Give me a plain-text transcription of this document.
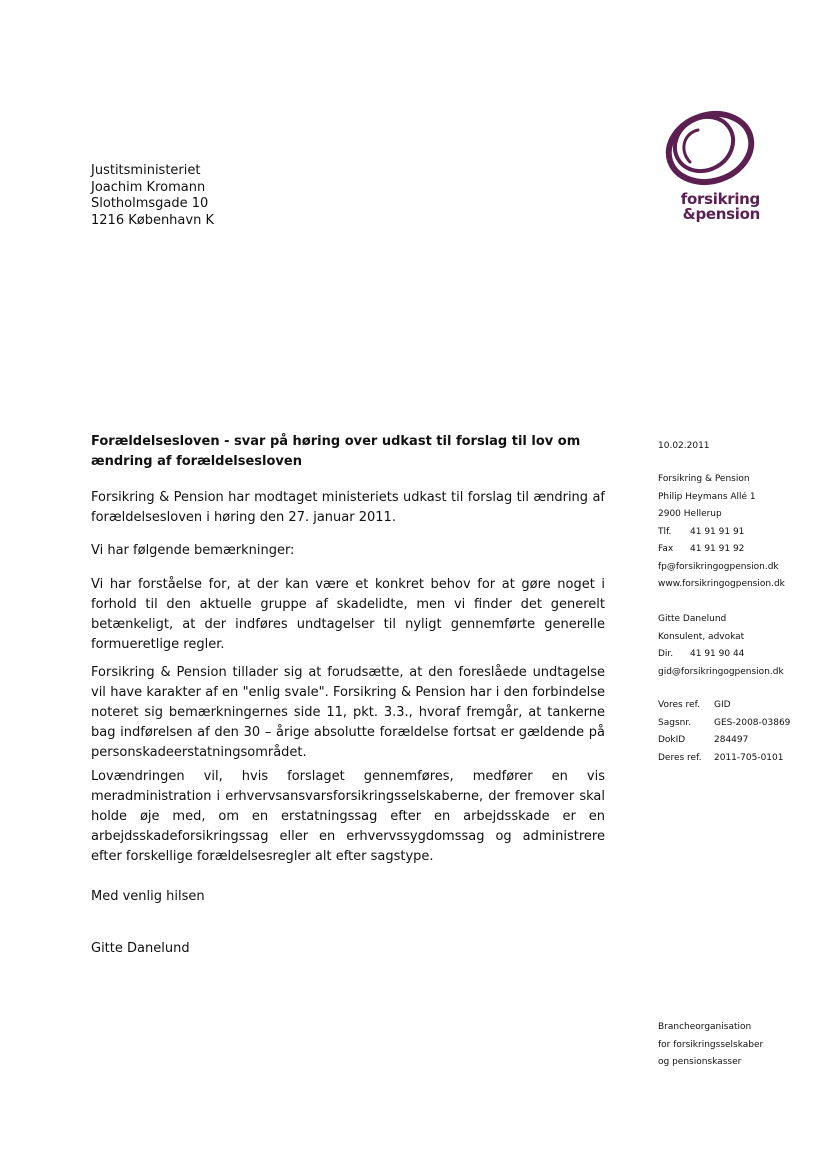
Justitsministeriet
Joachim Kromann
Slotholmsgade 10
1216 København K
forsikring
&pension
Forældelsesloven - svar på høring over udkast til forslag til lov om ændring af forældelsesloven
Forsikring & Pension har modtaget ministeriets udkast til forslag til ændring af forældelsesloven i høring den 27. januar 2011.
Vi har følgende bemærkninger:
Vi har forståelse for, at der kan være et konkret behov for at gøre noget i forhold til den aktuelle gruppe af skadelidte, men vi finder det generelt betænkeligt, at der indføres undtagelser til nyligt gennemførte generelle formueretlige regler.
Forsikring & Pension tillader sig at forudsætte, at den foreslåede undtagelse vil have karakter af en "enlig svale". Forsikring & Pension har i den forbindelse noteret sig bemærkningernes side 11, pkt. 3.3., hvoraf fremgår, at tankerne bag indførelsen af den 30 – årige absolutte forældelse fortsat er gældende på personskadeerstatningsområdet.
Lovændringen vil, hvis forslaget gennemføres, medfører en vis meradministration i erhvervsansvarsforsikringsselskaberne, der fremover skal holde øje med, om en erstatningssag efter en arbejdsskade er en arbejdsskadeforsikringssag eller en erhvervssygdomssag og administrere efter forskellige forældelsesregler alt efter sagstype.
Med venlig hilsen
Gitte Danelund
10.02.2011
Forsikring & Pension
Philip Heymans Allé 1
2900 Hellerup
Tlf. 41 91 91 91
Fax 41 91 91 92
fp@forsikringogpension.dk
www.forsikringogpension.dk
Gitte Danelund
Konsulent, advokat
Dir. 41 91 90 44
gid@forsikringogpension.dk
Vores ref. GID
Sagsnr.	GES-2008-03869
DokID	284497
Deres ref. 2011-705-0101
Brancheorganisation
for forsikringsselskaber
og pensionskasser
